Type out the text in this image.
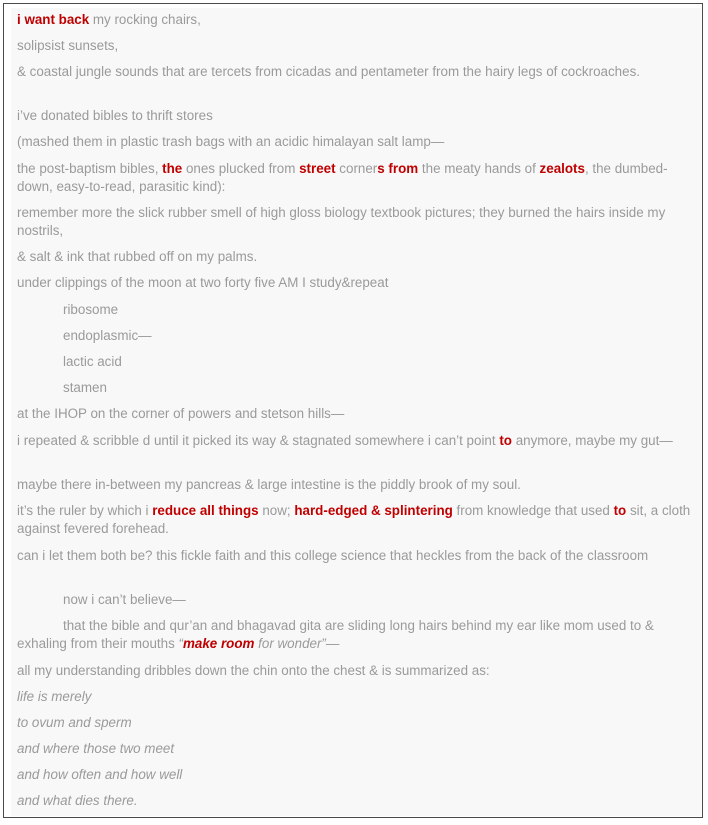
i want back my rocking chairs,
solipsist sunsets,
& coastal jungle sounds that are tercets from cicadas and pentameter from the hairy legs of cockroaches.
i’ve donated bibles to thrift stores
(mashed them in plastic trash bags with an acidic himalayan salt lamp—
the post-baptism bibles, the ones plucked from street corners from the meaty hands of zealots, the dumbed-down, easy-to-read, parasitic kind):
remember more the slick rubber smell of high gloss biology textbook pictures; they burned the hairs inside my nostrils,
& salt & ink that rubbed off on my palms.
under clippings of the moon at two forty five AM I study&repeat
ribosome
endoplasmic—
lactic acid
stamen
at the IHOP on the corner of powers and stetson hills—
i repeated & scribble d until it picked its way & stagnated somewhere i can’t point to anymore, maybe my gut—
maybe there in-between my pancreas & large intestine is the piddly brook of my soul.
it’s the ruler by which i reduce all things now; hard-edged & splintering from knowledge that used to sit, a cloth against fevered forehead.
can i let them both be? this fickle faith and this college science that heckles from the back of the classroom
now i can’t believe—
that the bible and qur’an and bhagavad gita are sliding long hairs behind my ear like mom used to & exhaling from their mouths “make room for wonder”—
all my understanding dribbles down the chin onto the chest & is summarized as:
life is merely
to ovum and sperm
and where those two meet
and how often and how well
and what dies there.
